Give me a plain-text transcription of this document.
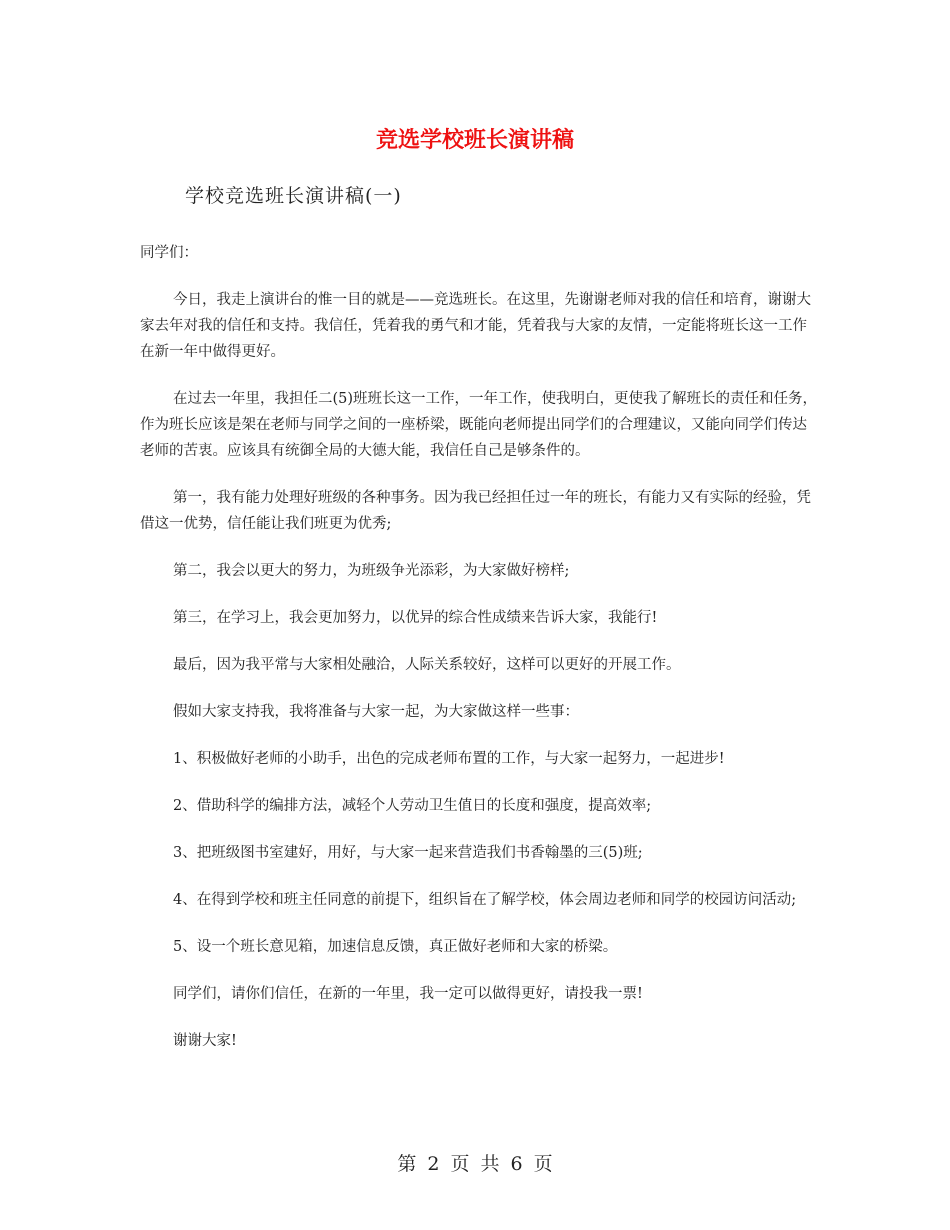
竞选学校班长演讲稿
学校竞选班长演讲稿(一)

同学们：

今日，我走上演讲台的惟一目的就是——竞选班长。在这里，先谢谢老师对我的信任和培育，谢谢大家去年对我的信任和支持。我信任，凭着我的勇气和才能，凭着我与大家的友情，一定能将班长这一工作在新一年中做得更好。

在过去一年里，我担任二(5)班班长这一工作，一年工作，使我明白，更使我了解班长的责任和任务，作为班长应该是架在老师与同学之间的一座桥梁，既能向老师提出同学们的合理建议，又能向同学们传达老师的苦衷。应该具有统御全局的大德大能，我信任自己是够条件的。

第一，我有能力处理好班级的各种事务。因为我已经担任过一年的班长，有能力又有实际的经验，凭借这一优势，信任能让我们班更为优秀;

第二，我会以更大的努力，为班级争光添彩，为大家做好榜样;

第三，在学习上，我会更加努力，以优异的综合性成绩来告诉大家，我能行!

最后，因为我平常与大家相处融洽，人际关系较好，这样可以更好的开展工作。

假如大家支持我，我将准备与大家一起，为大家做这样一些事：

1、积极做好老师的小助手，出色的完成老师布置的工作，与大家一起努力，一起进步!

2、借助科学的编排方法，减轻个人劳动卫生值日的长度和强度，提高效率;

3、把班级图书室建好，用好，与大家一起来营造我们书香翰墨的三(5)班;

4、在得到学校和班主任同意的前提下，组织旨在了解学校，体会周边老师和同学的校园访问活动;

5、设一个班长意见箱，加速信息反馈，真正做好老师和大家的桥梁。

同学们，请你们信任，在新的一年里，我一定可以做得更好，请投我一票!

谢谢大家!

第 2 页 共 6 页
